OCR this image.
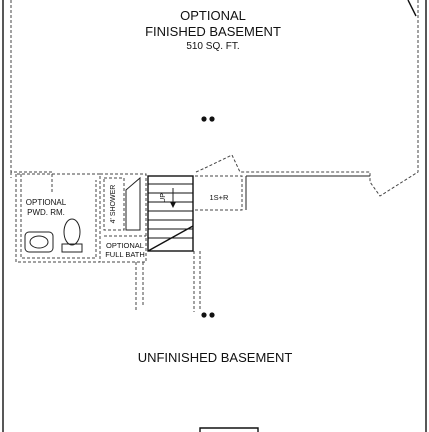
OPTIONAL
FINISHED BASEMENT
510 SQ. FT.
OPTIONAL
PWD. RM.	4' SHOWER
OPTIONAL
FULL BATH
UP	1S+R
UNFINISHED BASEMENT
